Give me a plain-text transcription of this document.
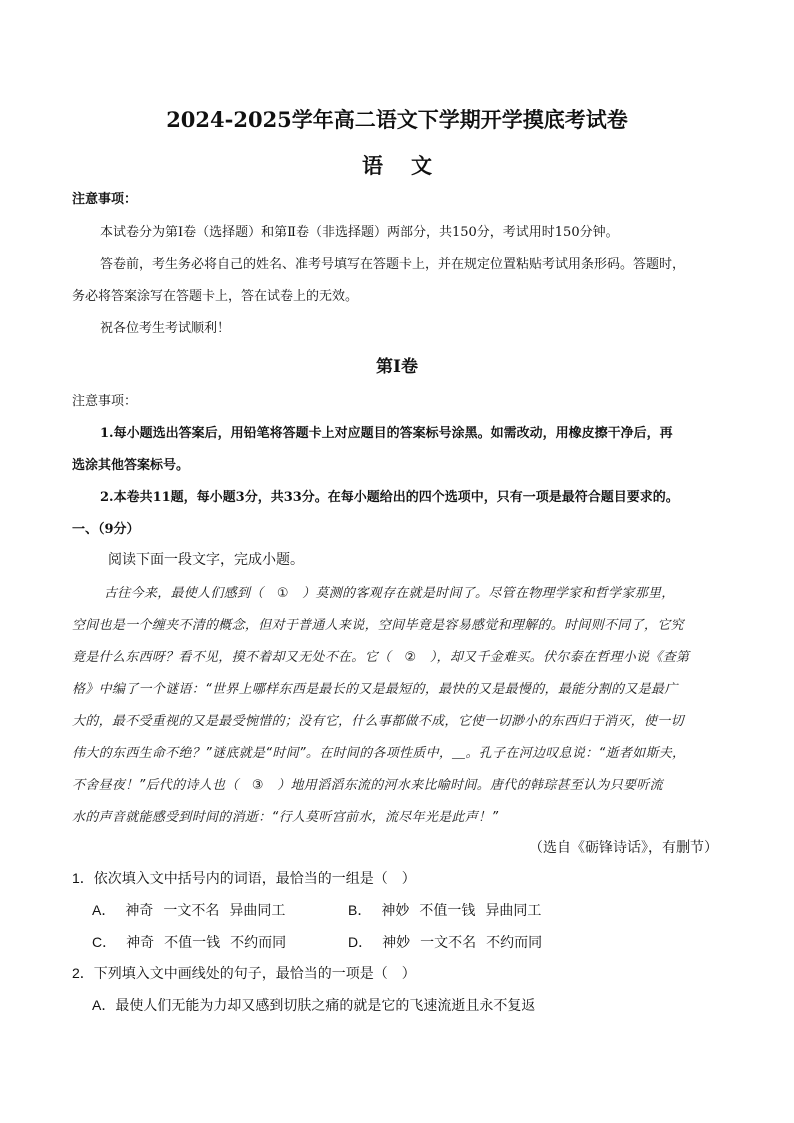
2024-2025学年高二语文下学期开学摸底考试卷
语 文
注意事项：
本试卷分为第Ⅰ卷（选择题）和第Ⅱ卷（非选择题）两部分，共150分，考试用时150分钟。
答卷前，考生务必将自己的姓名、准考号填写在答题卡上，并在规定位置粘贴考试用条形码。答题时，
务必将答案涂写在答题卡上，答在试卷上的无效。
祝各位考生考试顺利！
第Ⅰ卷
注意事项：
1.每小题选出答案后，用铅笔将答题卡上对应题目的答案标号涂黑。如需改动，用橡皮擦干净后，再
选涂其他答案标号。
2.本卷共11题，每小题3分，共33分。在每小题给出的四个选项中，只有一项是最符合题目要求的。
一、（9分）
阅读下面一段文字，完成小题。
古往今来，最使人们感到（　①　）莫测的客观存在就是时间了。尽管在物理学家和哲学家那里，
空间也是一个缠夹不清的概念，但对于普通人来说，空间毕竟是容易感觉和理解的。时间则不同了，它究
竟是什么东西呀？看不见，摸不着却又无处不在。它（　②　），却又千金难买。伏尔泰在哲理小说《查第
格》中编了一个谜语：“世界上哪样东西是最长的又是最短的，最快的又是最慢的，最能分割的又是最广
大的，最不受重视的又是最受惋惜的；没有它，什么事都做不成，它使一切渺小的东西归于消灭，使一切
伟大的东西生命不绝？”谜底就是“时间”。在时间的各项性质中，＿。孔子在河边叹息说：“逝者如斯夫，
不舍昼夜！”后代的诗人也（　③　）地用滔滔东流的河水来比喻时间。唐代的韩琮甚至认为只要听流
水的声音就能感受到时间的消逝：“行人莫听宫前水，流尽年光是此声！”
（选自《砺锋诗话》，有删节）
1．依次填入文中括号内的词语，最恰当的一组是（　）
A． 神奇 一文不名 异曲同工	B． 神妙 不值一钱 异曲同工
C． 神奇 不值一钱 不约而同	D． 神妙 一文不名 不约而同
2．下列填入文中画线处的句子，最恰当的一项是（　）
A．最使人们无能为力却又感到切肤之痛的就是它的飞速流逝且永不复返
